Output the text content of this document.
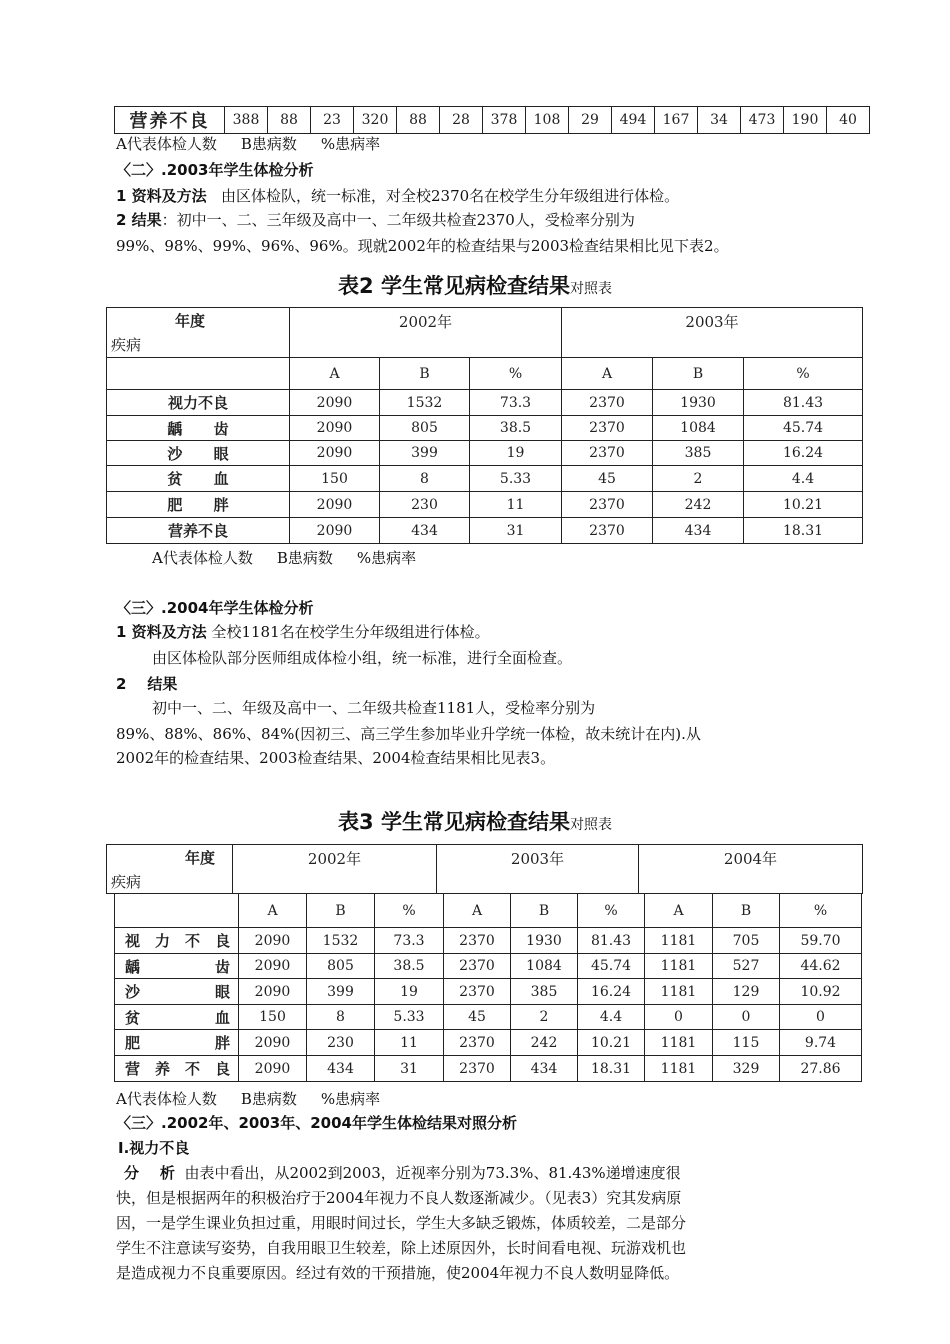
营养不良	388	88	23	320	88	28	378	108	29	494	167	34	473	190	40
A代表体检人数 B患病数 %患病率
〈二〉.2003年学生体检分析
1 资料及方法 由区体检队，统一标准，对全校2370名在校学生分年级组进行体检。
2 结果：初中一、二、三年级及高中一、二年级共检查2370人，受检率分别为
99%、98%、99%、96%、96%。现就2002年的检查结果与2003检查结果相比见下表2。
表2 学生常见病检查结果对照表
年度
疾病	2002年			2003年		
	A	B	%	A	B	%
视力不良	2090	1532	73.3	2370	1930	81.43
龋      齿	2090	805	38.5	2370	1084	45.74
沙      眼	2090	399	19	2370	385	16.24
贫      血	150	8	5.33	45	2	4.4
肥      胖	2090	230	11	2370	242	10.21
营养不良	2090	434	31	2370	434	18.31
A代表体检人数 B患病数 %患病率
〈三〉.2004年学生体检分析
1 资料及方法 全校1181名在校学生分年级组进行体检。
由区体检队部分医师组成体检小组，统一标准，进行全面检查。
2    结果
初中一、二、年级及高中一、二年级共检查1181人，受检率分别为
89%、88%、86%、84%(因初三、高三学生参加毕业升学统一体检，故未统计在内).从
2002年的检查结果、2003检查结果、2004检查结果相比见表3。
表3 学生常见病检查结果对照表
年度
疾病
	2002年	2003年	2004年
	A	B	%	A	B	%	A	B	%
视力不良	2090	1532	73.3	2370	1930	81.43	1181	705	59.70
龋齿	2090	805	38.5	2370	1084	45.74	1181	527	44.62
沙眼	2090	399	19	2370	385	16.24	1181	129	10.92
贫血	150	8	5.33	45	2	4.4	0	0	0
肥胖	2090	230	11	2370	242	10.21	1181	115	9.74
营养不良	2090	434	31	2370	434	18.31	1181	329	27.86
A代表体检人数 B患病数 %患病率
〈三〉.2002年、2003年、2004年学生体检结果对照分析
Ⅰ.视力不良
分    析 由表中看出，从2002到2003，近视率分别为73.3%、81.43%递增速度很
快，但是根据两年的积极治疗于2004年视力不良人数逐渐减少。（见表3）究其发病原
因，一是学生课业负担过重，用眼时间过长，学生大多缺乏锻炼，体质较差，二是部分
学生不注意读写姿势，自我用眼卫生较差，除上述原因外，长时间看电视、玩游戏机也
是造成视力不良重要原因。经过有效的干预措施，使2004年视力不良人数明显降低。
